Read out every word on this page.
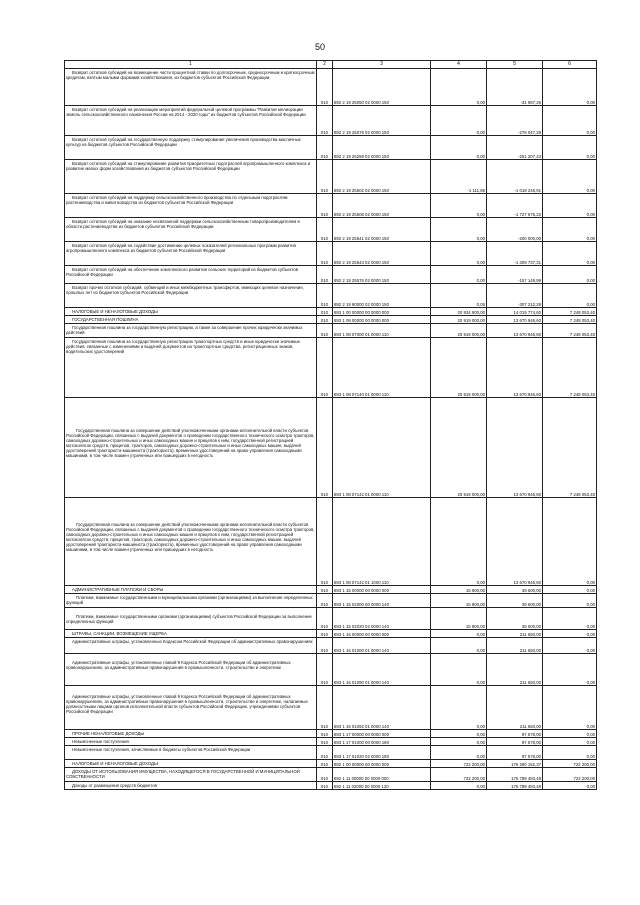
50
1	2	3	4	5	6

Возврат остатков субсидий на возмещение части процентной ставки по долгосрочным, среднесрочным и краткосрочным кредитам, взятым малыми формами хозяйствования, из бюджетов субъектов Российской Федерации	010	892 2 19 25050 02 0000 150	0,00	-31 987,26	0,00

Возврат остатков субсидий на реализацию мероприятий федеральной целевой программы "Развитие мелиорации земель сельскохозяйственного назначения России на 2014 - 2020 годы" из бюджетов субъектов Российской Федерации	010	892 2 19 25076 02 0000 150	0,00	-278 047,29	0,00

Возврат остатков субсидий на государственную поддержку стимулирования увеличения производства масличных культур из бюджетов субъектов Российской Федерации	010	892 2 19 25259 02 0000 150	0,00	-251 207,43	0,00

Возврат остатков субсидий на стимулирование развития приоритетных подотраслей агропромышленного комплекса и развитие малых форм хозяйствования из бюджетов субъектов Российской Федерации	010	892 2 19 25502 02 0000 150	-1 111,86	-1 018 246,91	0,00

Возврат остатков субсидий на поддержку сельскохозяйственного производства по отдельным подотраслям растениеводства и животноводства из бюджетов субъектов Российской Федерации	010	892 2 19 25508 02 0000 150	0,00	-1 727 675,22	0,00

Возврат остатков субсидий на оказание несвязанной поддержки сельскохозяйственным товаропроизводителям в области растениеводства из бюджетов субъектов Российской Федерации	010	892 2 19 25541 02 0000 150	0,00	-200 000,00	0,00

Возврат остатков субсидий на содействие достижению целевых показателей региональных программ развития агропромышленного комплекса из бюджетов субъектов Российской Федерации	010	892 2 19 25543 02 0000 150	0,00	-1 309 737,31	0,00

Возврат остатков субсидий на обеспечение комплексного развития сельских территорий из бюджетов субъектов Российской Федерации	010	892 2 19 25576 02 0000 150	0,00	-157 149,99	0,00

Возврат прочих остатков субсидий, субвенций и иных межбюджетных трансфертов, имеющих целевое назначение, прошлых лет из бюджетов субъектов Российской Федерации	010	892 2 19 90000 02 0000 150	0,05	-307 212,28	0,00

НАЛОГОВЫЕ И НЕНАЛОГОВЫЕ ДОХОДЫ	010	893 1 00 00000 00 0000 000	20 934 900,00	14 019 774,60	7 248 053,40

ГОСУДАРСТВЕННАЯ ПОШЛИНА	010	893 1 08 00000 00 0000 000	20 919 000,00	13 670 946,60	7 248 053,40

Государственная пошлина за государственную регистрацию, а также за совершение прочих юридически значимых действий	010	893 1 08 07000 01 0000 110	20 919 000,00	13 670 946,60	7 248 053,40

Государственная пошлина за государственную регистрацию транспортных средств и иные юридически значимые действия, связанные с изменениями и выдачей документов на транспортные средства, регистрационных знаков, водительских удостоверений	010	893 1 08 07140 01 0000 110	20 919 000,00	13 670 946,60	7 248 053,40

Государственная пошлина за совершение действий уполномоченными органами исполнительной власти субъектов Российской Федерации, связанных с выдачей документов о проведении государственного технического осмотра тракторов, самоходных дорожно-строительных и иных самоходных машин и прицепов к ним, государственной регистрацией мотоколясок средств, прицепов, тракторов, самоходных дорожно-строительных и иных самоходных машин, выдачей удостоверений тракториста-машиниста (тракториста), временных удостоверений на право управления самоходными машинами, в том числе взамен утраченных или пришедших в негодность	010	893 1 08 07142 01 0000 110	20 919 000,00	13 670 946,60	7 248 053,40

Государственная пошлина за совершение действий уполномоченными органами исполнительной власти субъектов Российской Федерации, связанных с выдачей документов о проведении государственного технического осмотра тракторов, самоходных дорожно-строительных и иных самоходных машин и прицепов к ним, государственной регистрацией мотоколясок средств, прицепов, тракторов, самоходных дорожно-строительных и иных самоходных машин, выдачей удостоверений тракториста-машиниста (тракториста), временных удостоверений на право управления самоходными машинами, в том числе взамен утраченных или пришедших в негодность	010	893 1 08 07142 01 1000 110	0,00	13 670 946,60	0,00

АДМИНИСТРАТИВНЫЕ ПЛАТЕЖИ И СБОРЫ	010	893 1 15 00000 00 0000 000	15 900,00	39 600,00	0,00

Платежи, взимаемые государственными и муниципальными органами (организациями) за выполнение определенных функций	010	893 1 15 02000 00 0000 140	15 900,00	39 600,00	0,00

Платежи, взимаемые государственными органами (организациями) субъектов Российской Федерации за выполнение определенных функций	010	893 1 15 02020 02 0000 140	15 900,00	39 600,00	0,00

ШТРАФЫ, САНКЦИИ, ВОЗМЕЩЕНИЕ УЩЕРБА	010	893 1 16 00000 00 0000 000	0,00	211 650,00	0,00

Административные штрафы, установленные Кодексом Российской Федерации об административных правонарушениях	010	893 1 16 01000 01 0000 140	0,00	211 650,00	0,00

Административные штрафы, установленные главой 9 Кодекса Российской Федерации об административных правонарушениях, за административные правонарушения в промышленности, строительстве и энергетике	010	893 1 16 01090 01 0000 140	0,00	211 650,00	0,00

Административные штрафы, установленные главой 9 Кодекса Российской Федерации об административных правонарушениях, за административные правонарушения в промышленности, строительстве и энергетике, налагаемые должностными лицами органов исполнительной власти субъектов Российской Федерации, учреждениями субъектов Российской Федерации	010	893 1 16 01092 01 0000 140	0,00	211 650,00	0,00

ПРОЧИЕ НЕНАЛОГОВЫЕ ДОХОДЫ	010	893 1 17 00000 00 0000 000	0,00	97 578,00	0,00

Невыясненные поступления	010	893 1 17 01000 00 0000 180	0,00	97 578,00	0,00

Невыясненные поступления, зачисляемые в бюджеты субъектов Российской Федерации	010	893 1 17 01020 02 0000 180	0,00	97 578,00	0,00

НАЛОГОВЫЕ И НЕНАЛОГОВЫЕ ДОХОДЫ	010	892 1 00 00000 00 0000 000	722 200,00	176 280 152,37	722 200,00

ДОХОДЫ ОТ ИСПОЛЬЗОВАНИЯ ИМУЩЕСТВА, НАХОДЯЩЕГОСЯ В ГОСУДАРСТВЕННОЙ И МУНИЦИПАЛЬНОЙ СОБСТВЕННОСТИ	010	892 1 11 00000 00 0000 000	722 200,00	175 789 483,49	722 200,00

Доходы от размещения средств бюджетов	010	892 1 11 02000 00 0000 120	0,00	175 789 483,49	0,00
